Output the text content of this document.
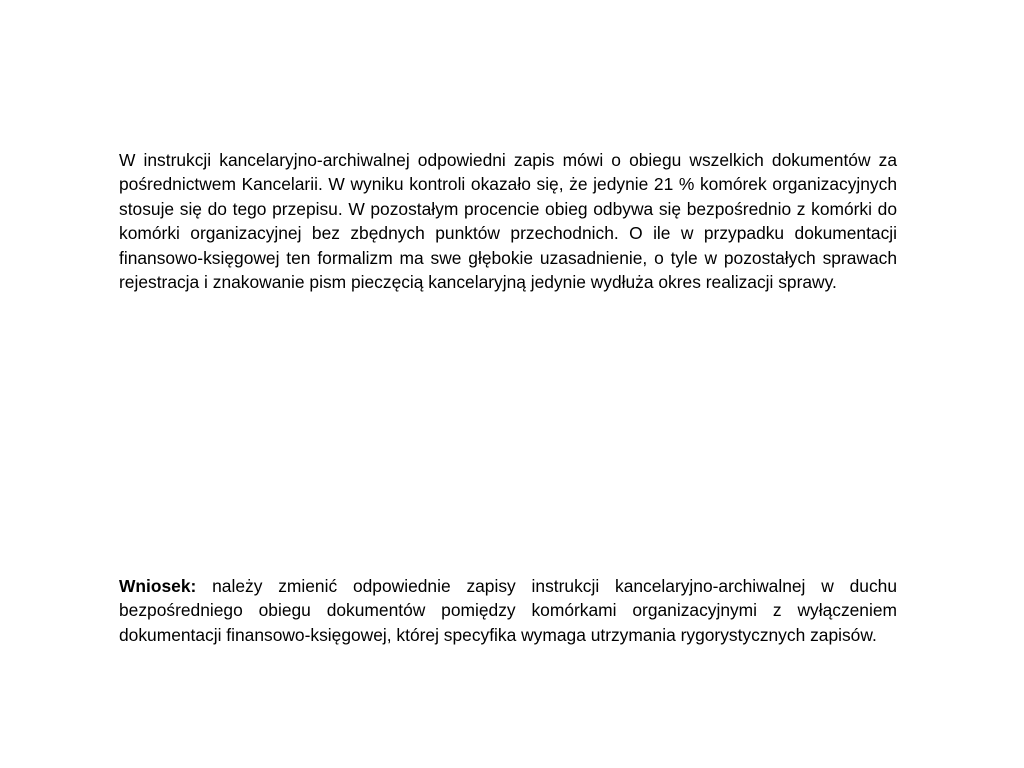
W instrukcji kancelaryjno-archiwalnej odpowiedni zapis mówi o obiegu wszelkich dokumentów za pośrednictwem Kancelarii. W wyniku kontroli okazało się, że jedynie 21 % komórek organizacyjnych stosuje się do tego przepisu. W pozostałym procencie obieg odbywa się bezpośrednio z komórki do komórki organizacyjnej bez zbędnych punktów przechodnich. O ile w przypadku dokumentacji finansowo-księgowej ten formalizm ma swe głębokie uzasadnienie, o tyle w pozostałych sprawach rejestracja i znakowanie pism pieczęcią kancelaryjną jedynie wydłuża okres realizacji sprawy.

Wniosek: należy zmienić odpowiednie zapisy instrukcji kancelaryjno-archiwalnej w duchu bezpośredniego obiegu dokumentów pomiędzy komórkami organizacyjnymi z wyłączeniem dokumentacji finansowo-księgowej, której specyfika wymaga utrzymania rygorystycznych zapisów.
